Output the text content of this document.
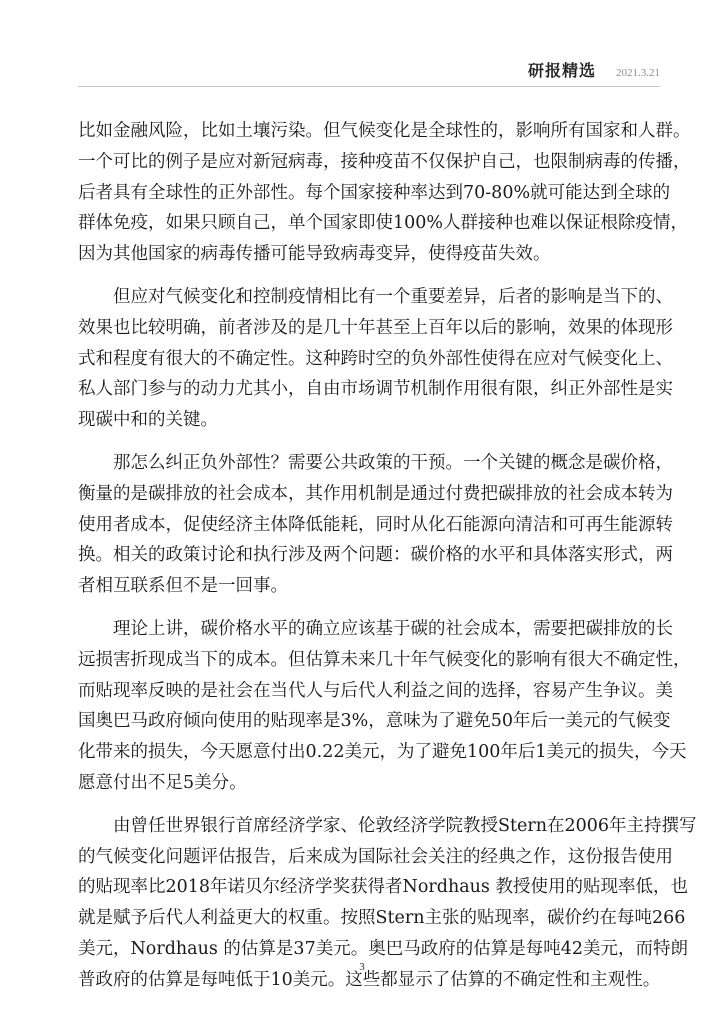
研报精选 2021.3.21

比如金融风险，比如土壤污染。但气候变化是全球性的，影响所有国家和人群。
一个可比的例子是应对新冠病毒，接种疫苗不仅保护自己，也限制病毒的传播，
后者具有全球性的正外部性。每个国家接种率达到70-80%就可能达到全球的
群体免疫，如果只顾自己，单个国家即使100%人群接种也难以保证根除疫情，
因为其他国家的病毒传播可能导致病毒变异，使得疫苗失效。

　　但应对气候变化和控制疫情相比有一个重要差异，后者的影响是当下的、
效果也比较明确，前者涉及的是几十年甚至上百年以后的影响，效果的体现形
式和程度有很大的不确定性。这种跨时空的负外部性使得在应对气候变化上、
私人部门参与的动力尤其小，自由市场调节机制作用很有限，纠正外部性是实
现碳中和的关键。

　　那怎么纠正负外部性？需要公共政策的干预。一个关键的概念是碳价格，
衡量的是碳排放的社会成本，其作用机制是通过付费把碳排放的社会成本转为
使用者成本，促使经济主体降低能耗，同时从化石能源向清洁和可再生能源转
换。相关的政策讨论和执行涉及两个问题：碳价格的水平和具体落实形式，两
者相互联系但不是一回事。

　　理论上讲，碳价格水平的确立应该基于碳的社会成本，需要把碳排放的长
远损害折现成当下的成本。但估算未来几十年气候变化的影响有很大不确定性，
而贴现率反映的是社会在当代人与后代人利益之间的选择，容易产生争议。美
国奥巴马政府倾向使用的贴现率是3%，意味为了避免50年后一美元的气候变
化带来的损失，今天愿意付出0.22美元，为了避免100年后1美元的损失，今天
愿意付出不足5美分。

　　由曾任世界银行首席经济学家、伦敦经济学院教授Stern在2006年主持撰写
的气候变化问题评估报告，后来成为国际社会关注的经典之作，这份报告使用
的贴现率比2018年诺贝尔经济学奖获得者Nordhaus 教授使用的贴现率低，也
就是赋予后代人利益更大的权重。按照Stern主张的贴现率，碳价约在每吨266
美元，Nordhaus 的估算是37美元。奥巴马政府的估算是每吨42美元，而特朗
普政府的估算是每吨低于10美元。这些都显示了估算的不确定性和主观性。

3
